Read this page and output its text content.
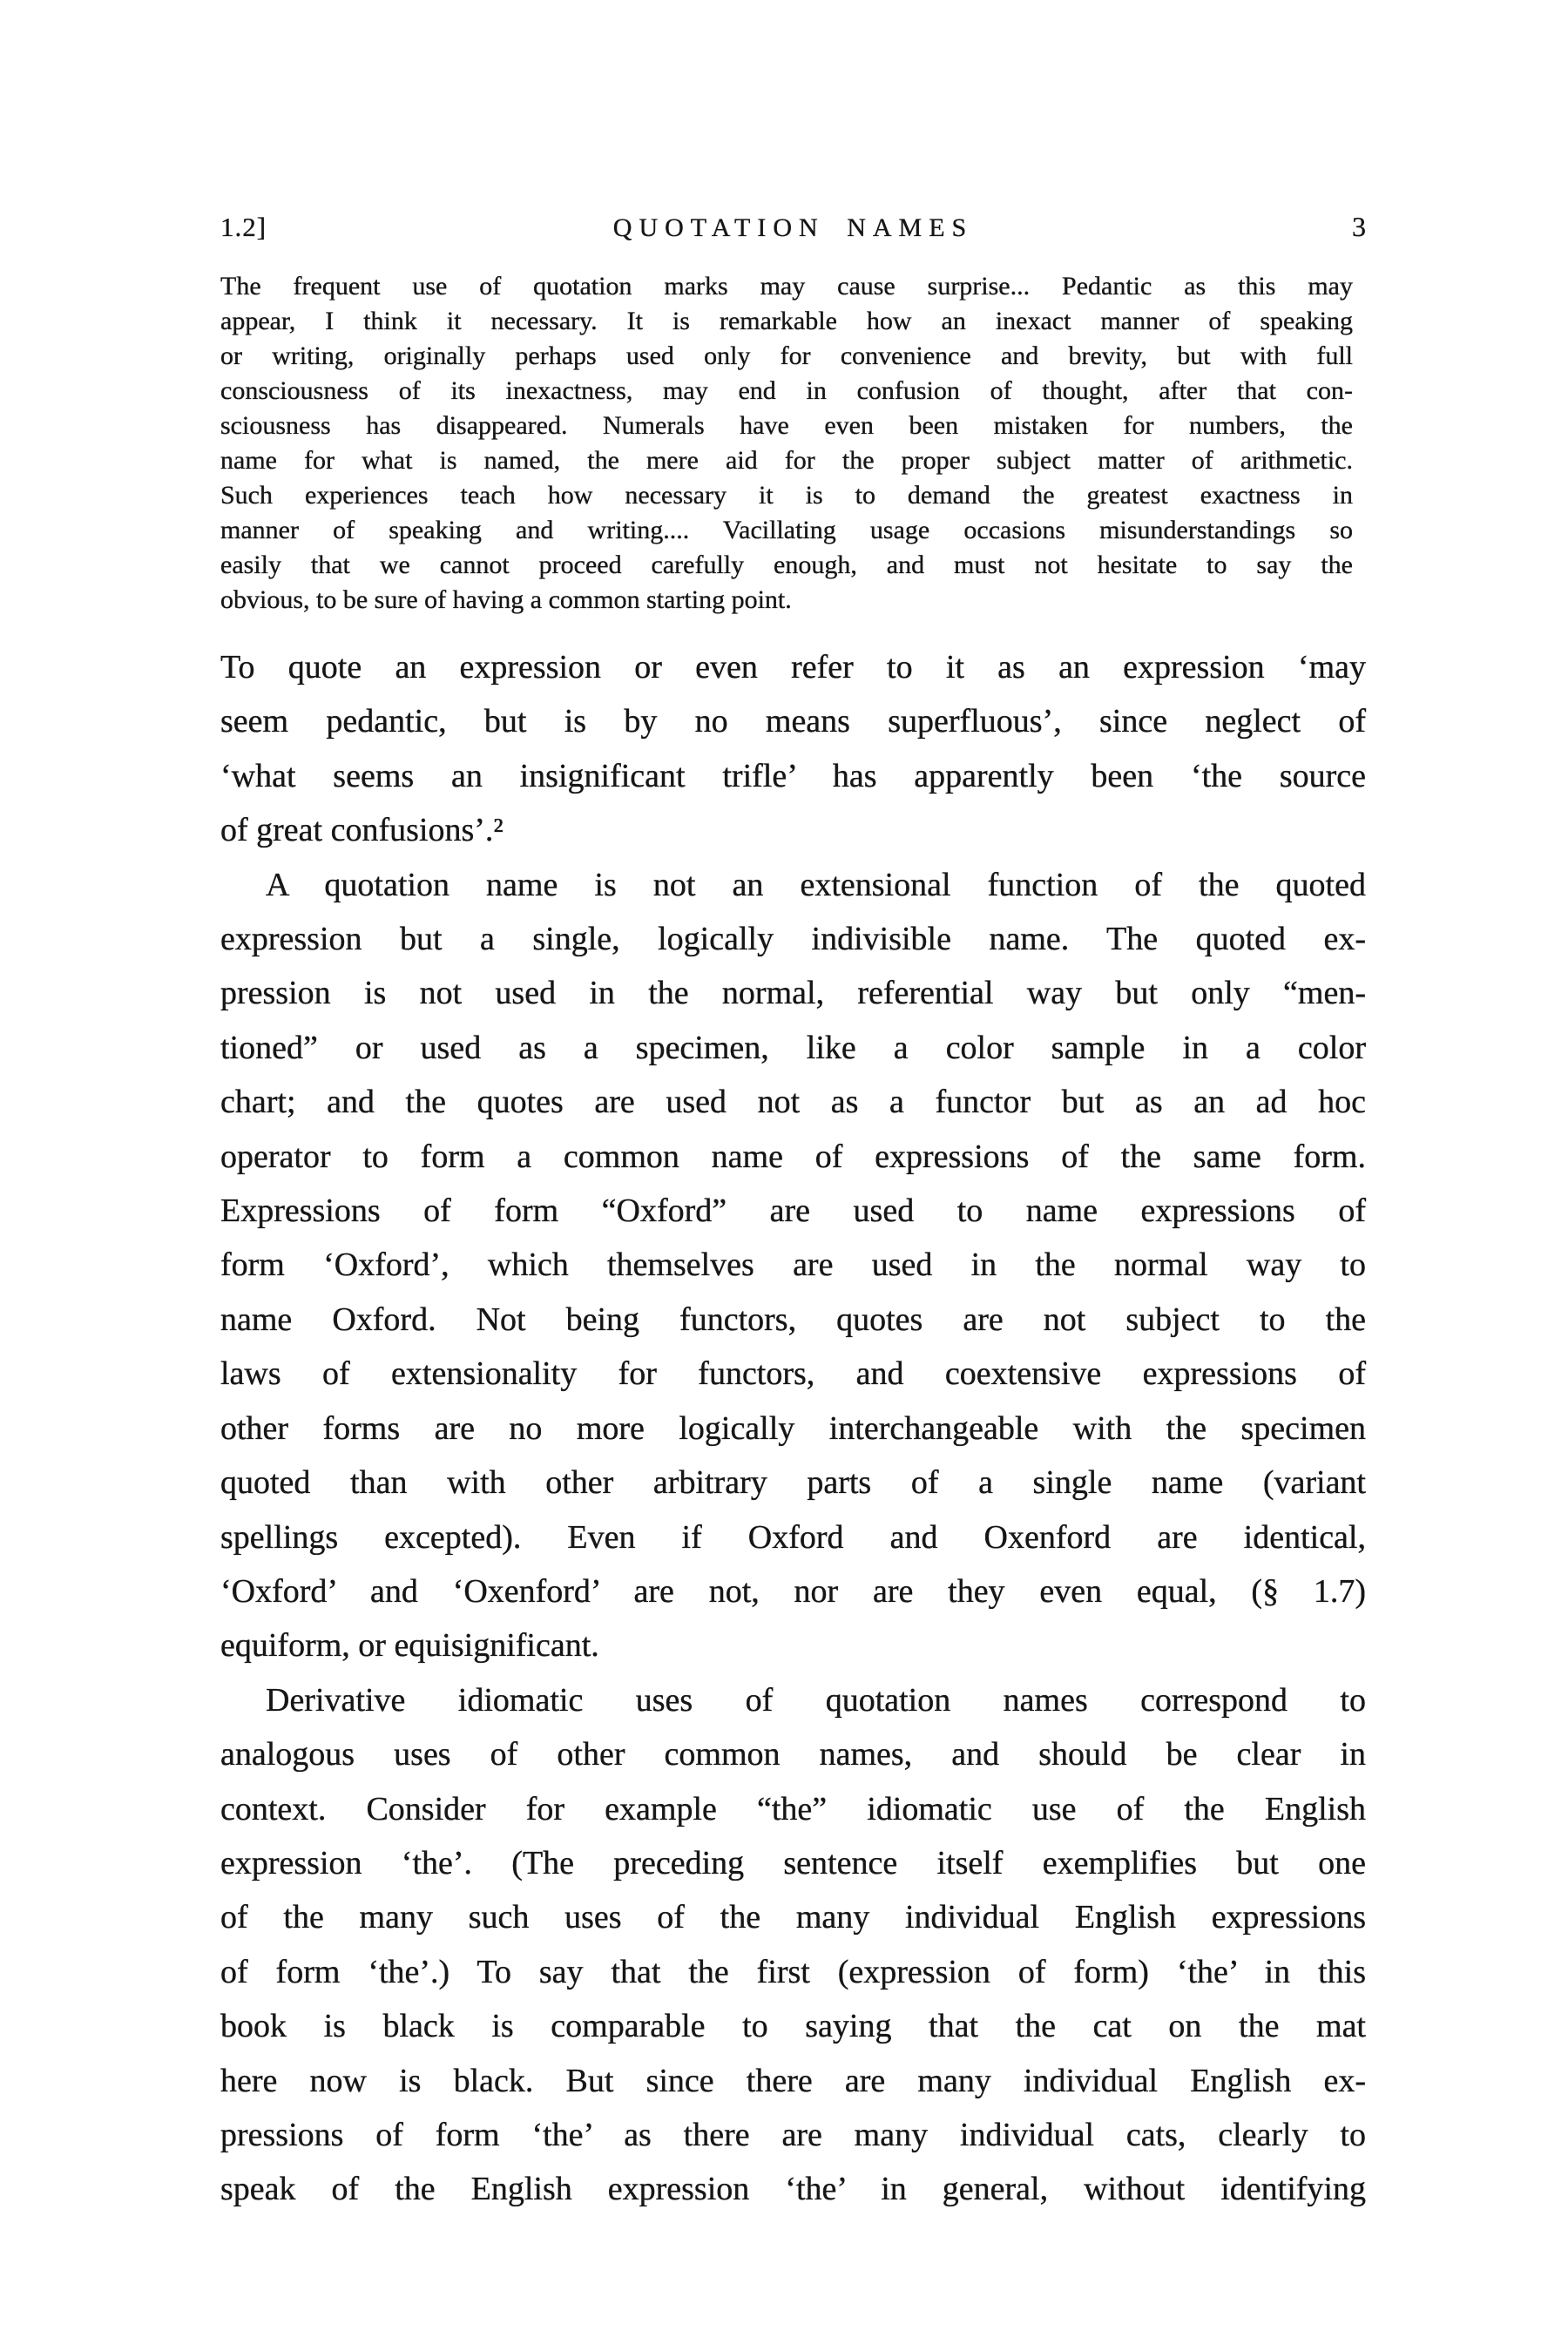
1.2]	QUOTATION NAMES	3
The frequent use of quotation marks may cause surprise... Pedantic as this may
appear, I think it necessary. It is remarkable how an inexact manner of speaking
or writing, originally perhaps used only for convenience and brevity, but with full
consciousness of its inexactness, may end in confusion of thought, after that con-
sciousness has disappeared. Numerals have even been mistaken for numbers, the
name for what is named, the mere aid for the proper subject matter of arithmetic.
Such experiences teach how necessary it is to demand the greatest exactness in
manner of speaking and writing.... Vacillating usage occasions misunderstandings so
easily that we cannot proceed carefully enough, and must not hesitate to say the
obvious, to be sure of having a common starting point.
To quote an expression or even refer to it as an expression ‘may
seem pedantic, but is by no means superfluous’, since neglect of
‘what seems an insignificant trifle’ has apparently been ‘the source
of great confusions’.²
A quotation name is not an extensional function of the quoted
expression but a single, logically indivisible name. The quoted ex-
pression is not used in the normal, referential way but only “men-
tioned” or used as a specimen, like a color sample in a color
chart; and the quotes are used not as a functor but as an ad hoc
operator to form a common name of expressions of the same form.
Expressions of form “Oxford” are used to name expressions of
form ‘Oxford’, which themselves are used in the normal way to
name Oxford. Not being functors, quotes are not subject to the
laws of extensionality for functors, and coextensive expressions of
other forms are no more logically interchangeable with the specimen
quoted than with other arbitrary parts of a single name (variant
spellings excepted). Even if Oxford and Oxenford are identical,
‘Oxford’ and ‘Oxenford’ are not, nor are they even equal, (§ 1.7)
equiform, or equisignificant.
Derivative idiomatic uses of quotation names correspond to
analogous uses of other common names, and should be clear in
context. Consider for example “the” idiomatic use of the English
expression ‘the’. (The preceding sentence itself exemplifies but one
of the many such uses of the many individual English expressions
of form ‘the’.) To say that the first (expression of form) ‘the’ in this
book is black is comparable to saying that the cat on the mat
here now is black. But since there are many individual English ex-
pressions of form ‘the’ as there are many individual cats, clearly to
speak of the English expression ‘the’ in general, without identifying
